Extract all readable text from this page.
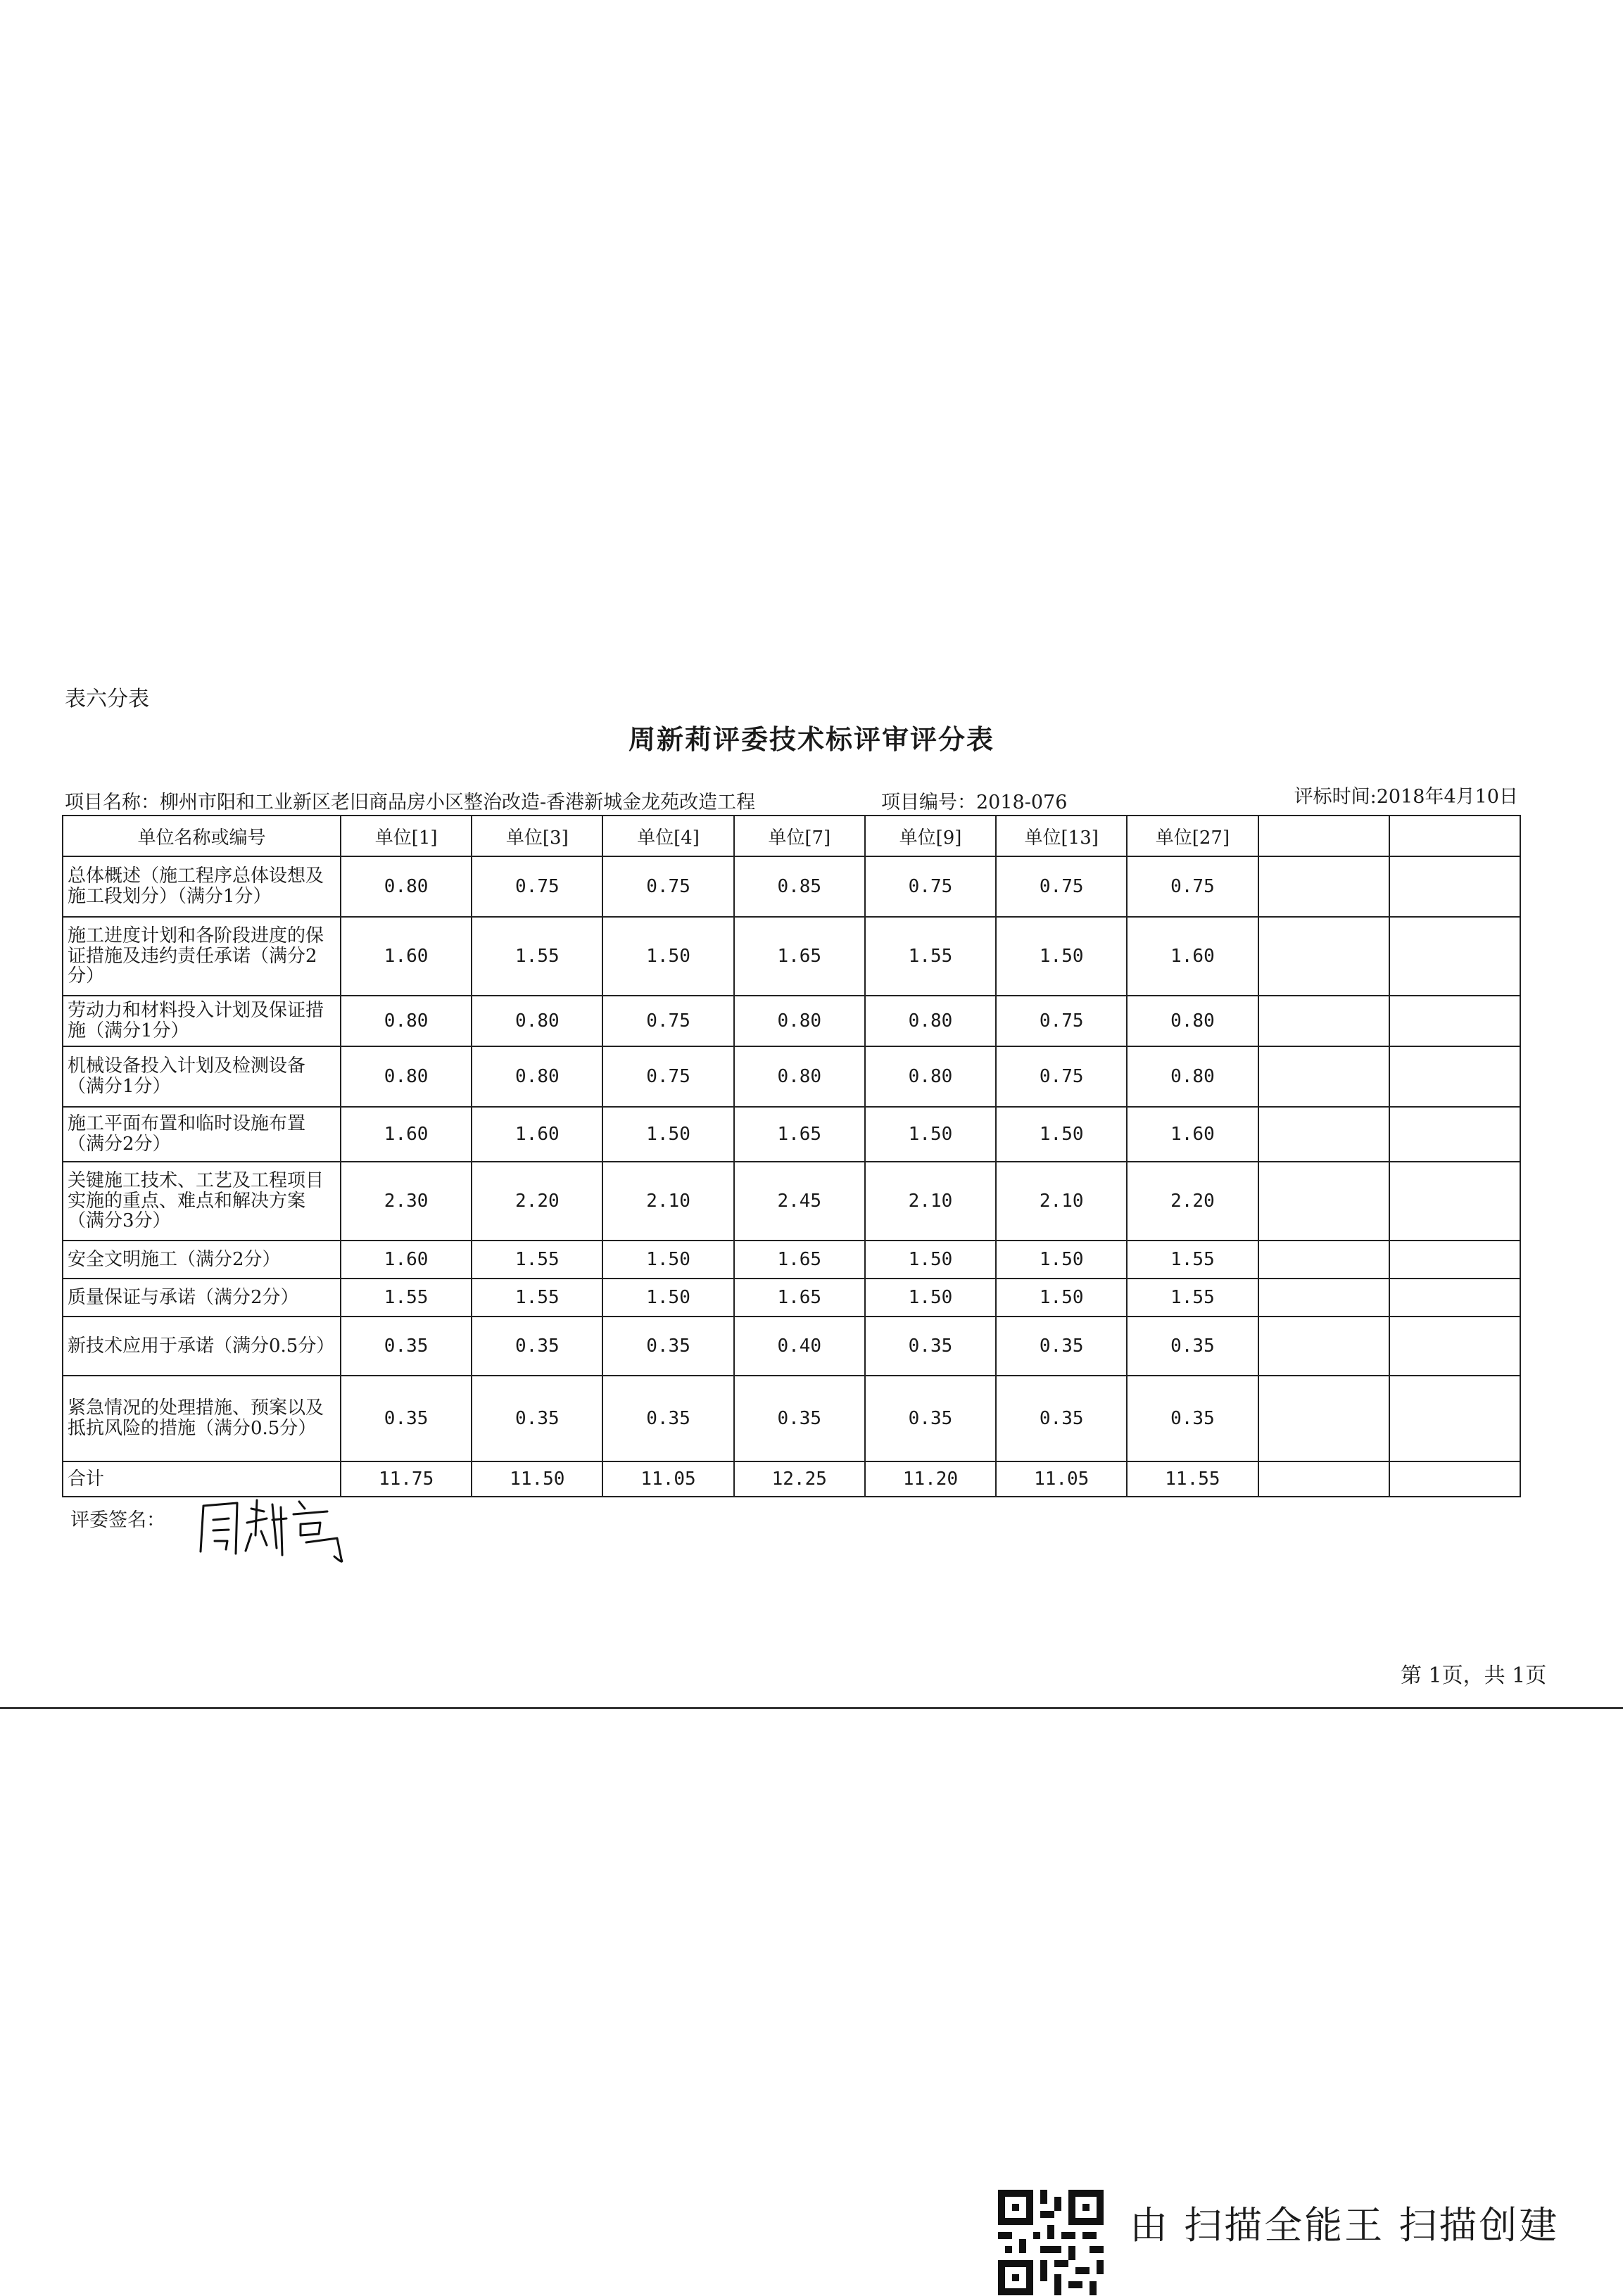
表六分表
周新莉评委技术标评审评分表
项目名称：柳州市阳和工业新区老旧商品房小区整治改造-香港新城金龙苑改造工程	项目编号：2018-076	评标时间:2018年4月10日
单位名称或编号	单位[1]	单位[3]	单位[4]	单位[7]	单位[9]	单位[13]	单位[27]		
总体概述（施工程序总体设想及施工段划分）（满分1分）	0.80	0.75	0.75	0.85	0.75	0.75	0.75		
施工进度计划和各阶段进度的保证措施及违约责任承诺（满分2分）	1.60	1.55	1.50	1.65	1.55	1.50	1.60		
劳动力和材料投入计划及保证措施（满分1分）	0.80	0.80	0.75	0.80	0.80	0.75	0.80		
机械设备投入计划及检测设备（满分1分）	0.80	0.80	0.75	0.80	0.80	0.75	0.80		
施工平面布置和临时设施布置（满分2分）	1.60	1.60	1.50	1.65	1.50	1.50	1.60		
关键施工技术、工艺及工程项目实施的重点、难点和解决方案（满分3分）	2.30	2.20	2.10	2.45	2.10	2.10	2.20		
安全文明施工（满分2分）	1.60	1.55	1.50	1.65	1.50	1.50	1.55		
质量保证与承诺（满分2分）	1.55	1.55	1.50	1.65	1.50	1.50	1.55		
新技术应用于承诺（满分0.5分）	0.35	0.35	0.35	0.40	0.35	0.35	0.35		
紧急情况的处理措施、预案以及抵抗风险的措施（满分0.5分）	0.35	0.35	0.35	0.35	0.35	0.35	0.35		
合计	11.75	11.50	11.05	12.25	11.20	11.05	11.55		
评委签名：
第 1页，共 1页
由 扫描全能王 扫描创建
